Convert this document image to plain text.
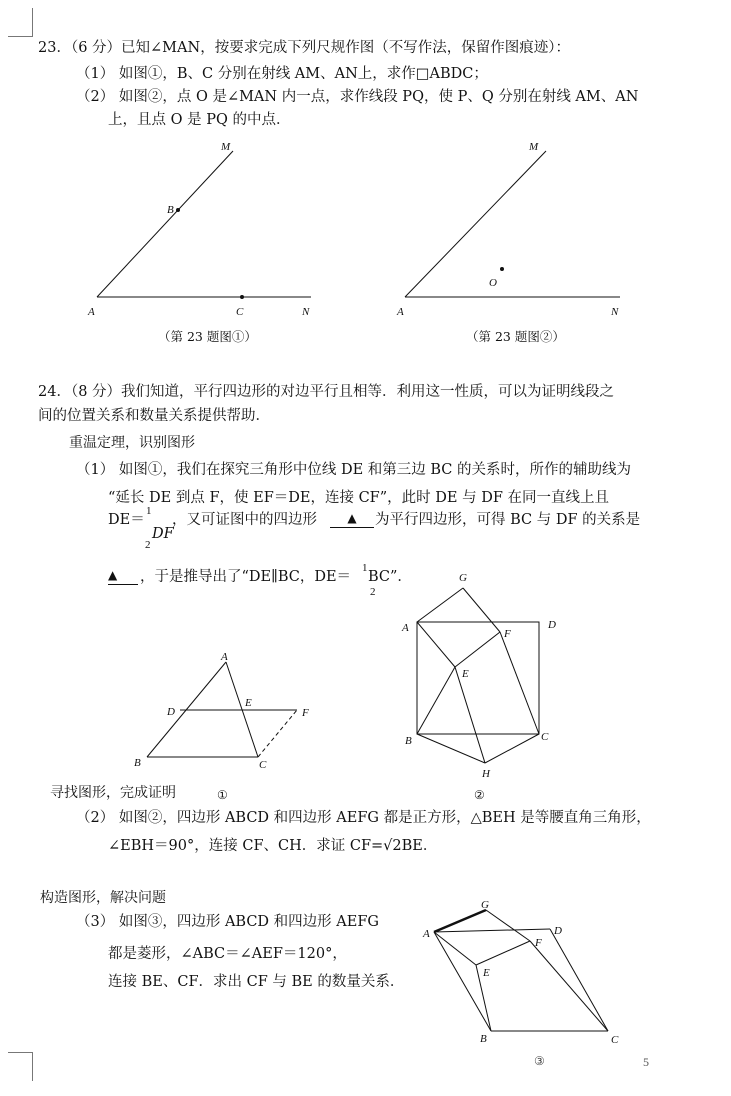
23．（6 分）已知∠MAN，按要求完成下列尺规作图（不写作法，保留作图痕迹）：
（1） 如图①，B、C 分别在射线 AM、AN上，求作□ABDC；
（2） 如图②，点 O 是∠MAN 内一点，求作线段 PQ，使 P、Q 分别在射线 AM、AN
上，且点 O 是 PQ 的中点．
M
B
A	C	N
M
O
A	N
（第 23 题图①）	（第 23 题图②）
24．（8 分）我们知道，平行四边形的对边平行且相等．利用这一性质，可以为证明线段之
间的位置关系和数量关系提供帮助．
重温定理，识别图形
（1） 如图①，我们在探究三角形中位线 DE 和第三边 BC 的关系时，所作的辅助线为
“延长 DE 到点 F，使 EF＝DE，连接 CF”，此时 DE 与 DF 在同一直线上且
DE＝
1
2
DF
，又可证图中的四边形	▲	为平行四边形，可得 BC 与 DF 的关系是
▲	，于是推导出了“DE∥BC，DE＝
1
2
BC”．
A
D
E
F
B	C
G
A	F
D
E
B	C
H
寻找图形，完成证明	①	②
（2） 如图②，四边形 ABCD 和四边形 AEFG 都是正方形，△BEH 是等腰直角三角形，
∠EBH＝90°，连接 CF、CH．求证 CF=√2BE．
构造图形，解决问题
（3） 如图③，四边形 ABCD 和四边形 AEFG
都是菱形，∠ABC＝∠AEF＝120°，
连接 BE、CF．求出 CF 与 BE 的数量关系．
G
A	D
F
E
B	C
③	5
